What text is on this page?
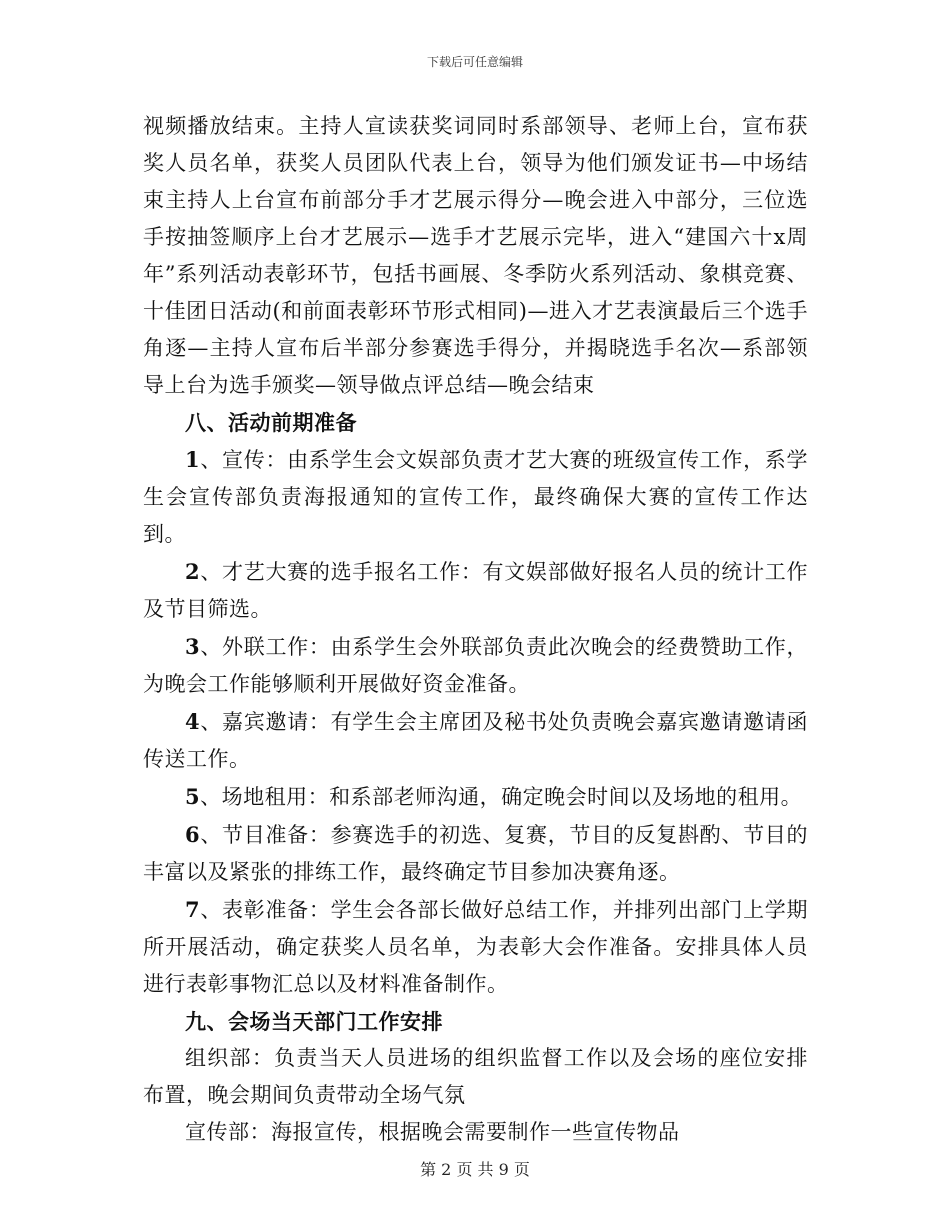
下载后可任意编辑

视频播放结束。主持人宣读获奖词同时系部领导、老师上台，宣布获奖人员名单，获奖人员团队代表上台，领导为他们颁发证书—中场结束主持人上台宣布前部分手才艺展示得分—晚会进入中部分，三位选手按抽签顺序上台才艺展示—选手才艺展示完毕，进入“建国六十x周年”系列活动表彰环节，包括书画展、冬季防火系列活动、象棋竞赛、十佳团日活动(和前面表彰环节形式相同)—进入才艺表演最后三个选手角逐—主持人宣布后半部分参赛选手得分，并揭晓选手名次—系部领导上台为选手颁奖—领导做点评总结—晚会结束

八、活动前期准备

1、宣传：由系学生会文娱部负责才艺大赛的班级宣传工作，系学生会宣传部负责海报通知的宣传工作，最终确保大赛的宣传工作达到。

2、才艺大赛的选手报名工作：有文娱部做好报名人员的统计工作及节目筛选。

3、外联工作：由系学生会外联部负责此次晚会的经费赞助工作，为晚会工作能够顺利开展做好资金准备。

4、嘉宾邀请：有学生会主席团及秘书处负责晚会嘉宾邀请邀请函传送工作。

5、场地租用：和系部老师沟通，确定晚会时间以及场地的租用。

6、节目准备：参赛选手的初选、复赛，节目的反复斟酌、节目的丰富以及紧张的排练工作，最终确定节目参加决赛角逐。

7、表彰准备：学生会各部长做好总结工作，并排列出部门上学期所开展活动，确定获奖人员名单，为表彰大会作准备。安排具体人员进行表彰事物汇总以及材料准备制作。

九、会场当天部门工作安排

组织部：负责当天人员进场的组织监督工作以及会场的座位安排布置，晚会期间负责带动全场气氛

宣传部：海报宣传，根据晚会需要制作一些宣传物品

第 2 页 共 9 页
